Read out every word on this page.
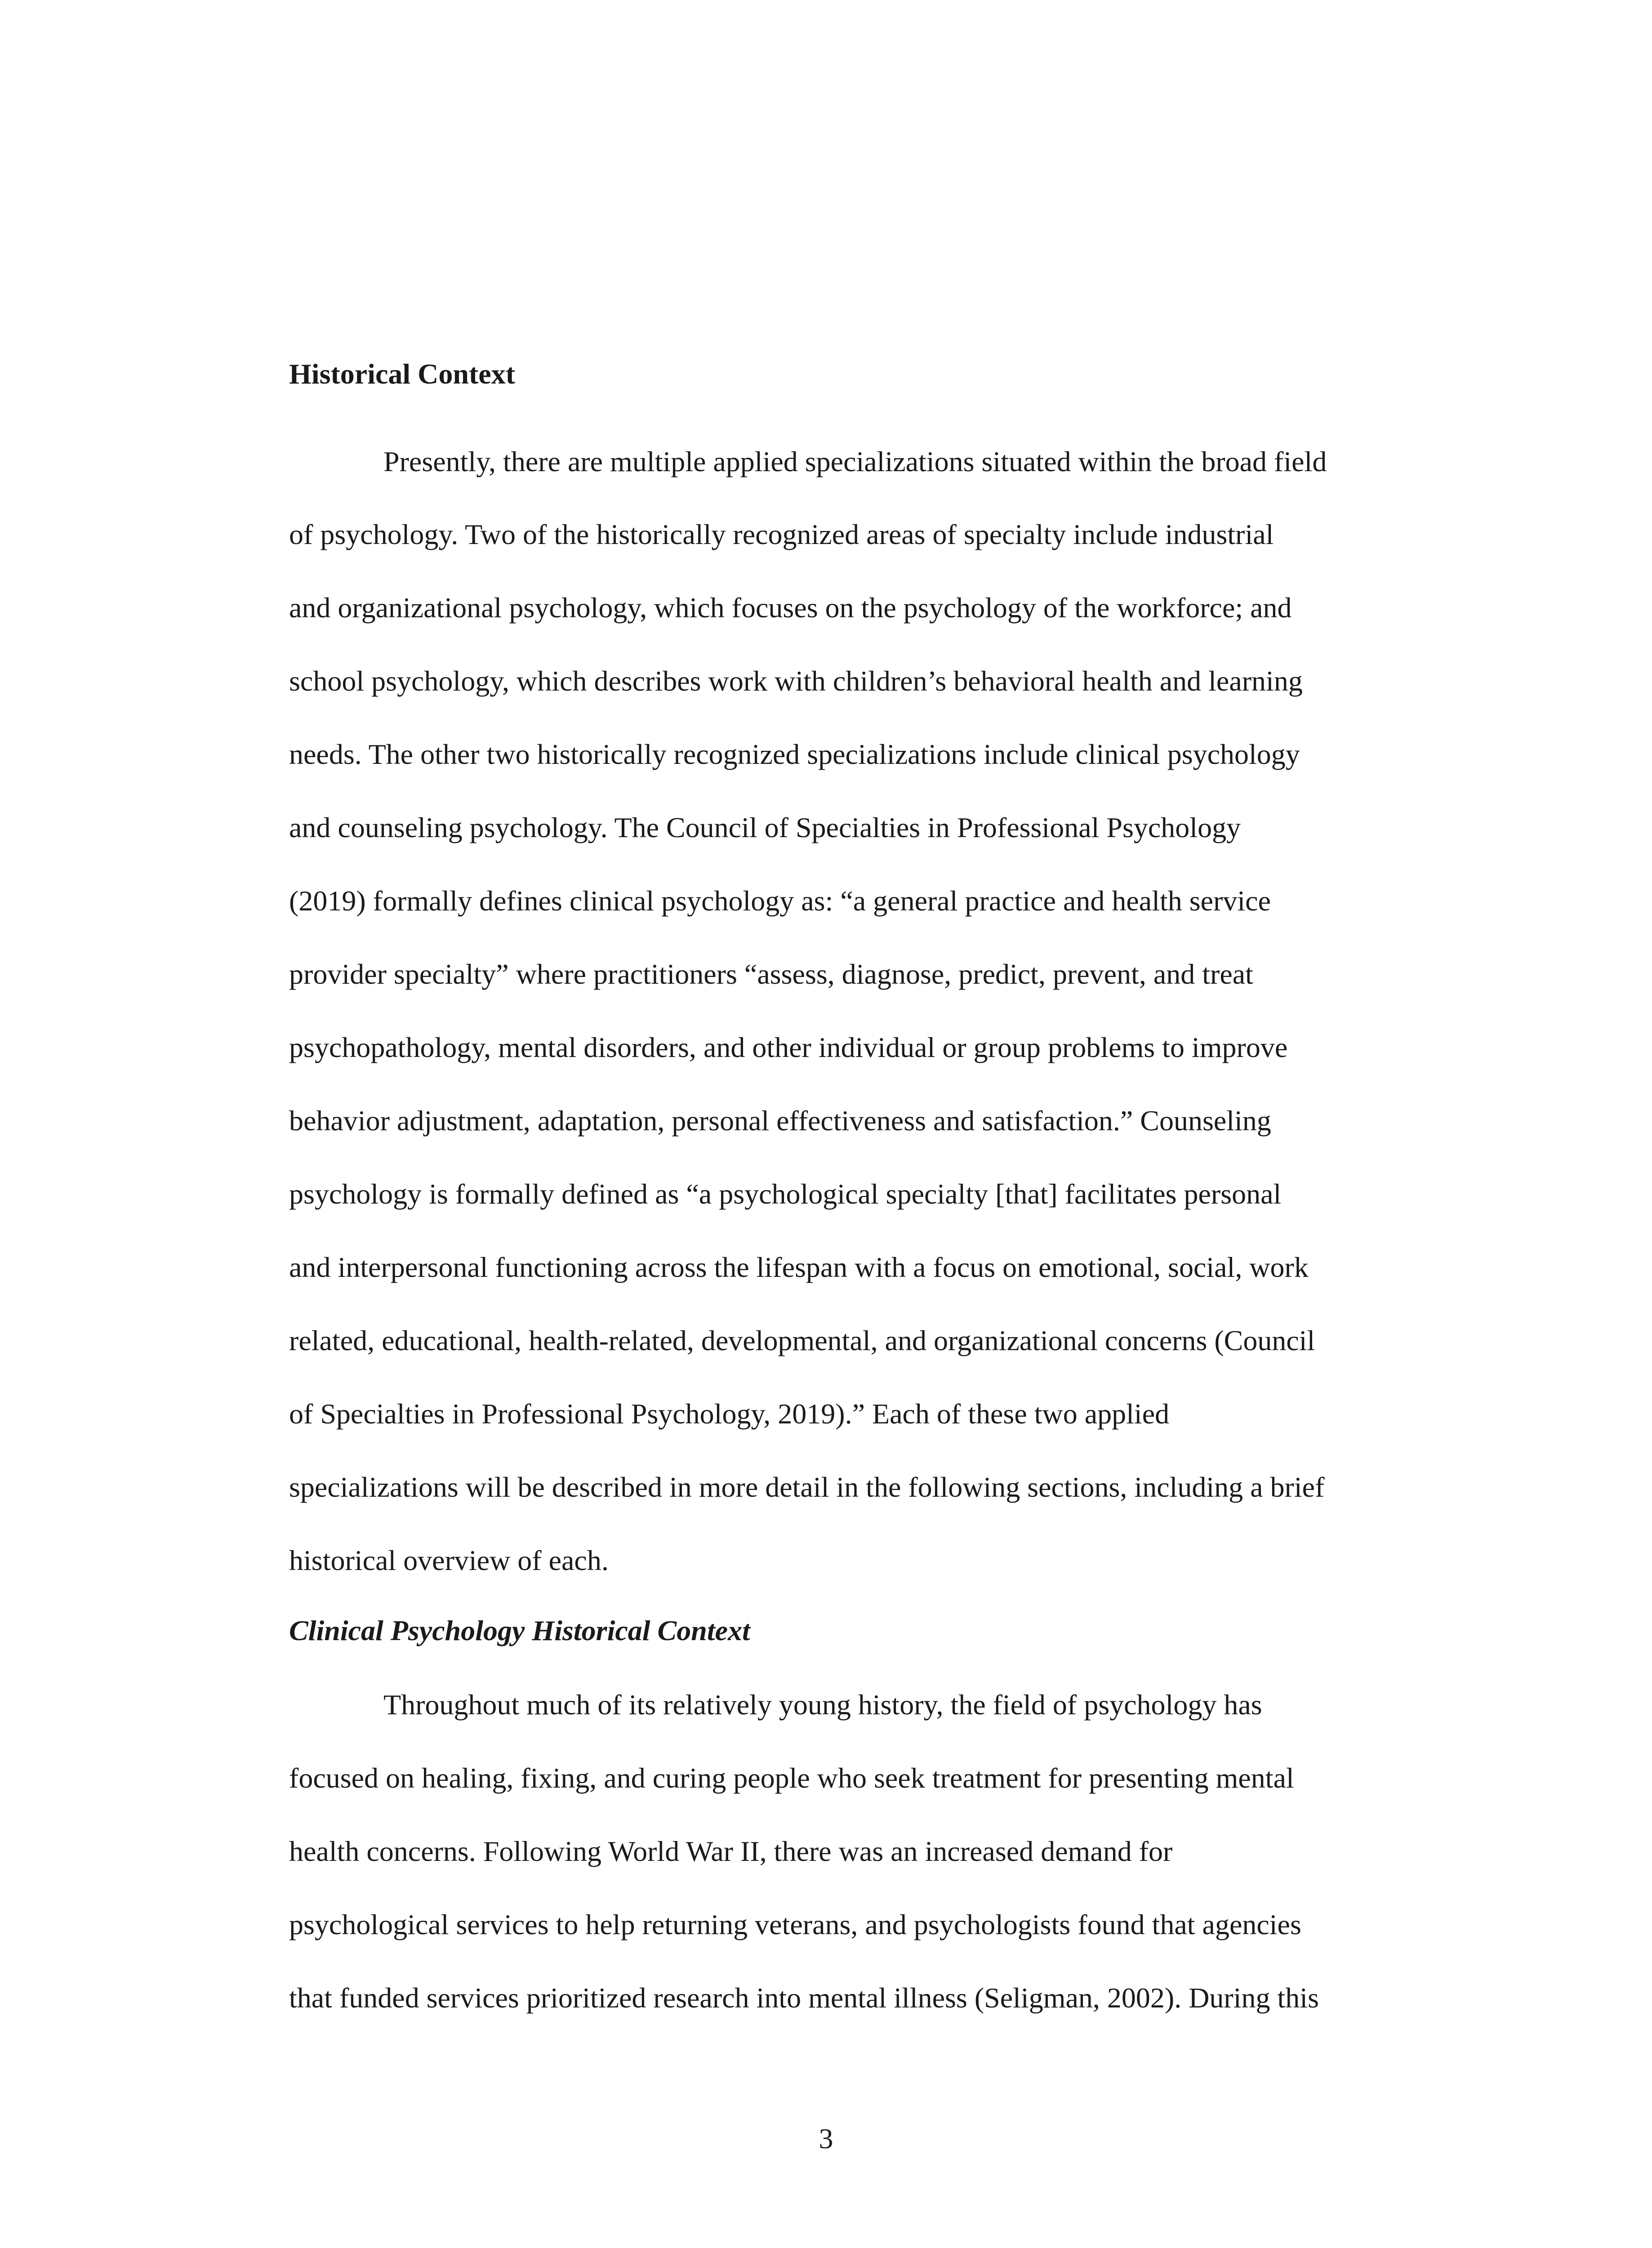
Historical Context

Presently, there are multiple applied specializations situated within the broad field

of psychology. Two of the historically recognized areas of specialty include industrial

and organizational psychology, which focuses on the psychology of the workforce; and

school psychology, which describes work with children’s behavioral health and learning

needs. The other two historically recognized specializations include clinical psychology

and counseling psychology. The Council of Specialties in Professional Psychology

(2019) formally defines clinical psychology as: “a general practice and health service

provider specialty” where practitioners “assess, diagnose, predict, prevent, and treat

psychopathology, mental disorders, and other individual or group problems to improve

behavior adjustment, adaptation, personal effectiveness and satisfaction.” Counseling

psychology is formally defined as “a psychological specialty [that] facilitates personal

and interpersonal functioning across the lifespan with a focus on emotional, social, work

related, educational, health-related, developmental, and organizational concerns (Council

of Specialties in Professional Psychology, 2019).” Each of these two applied

specializations will be described in more detail in the following sections, including a brief

historical overview of each.

Clinical Psychology Historical Context

Throughout much of its relatively young history, the field of psychology has

focused on healing, fixing, and curing people who seek treatment for presenting mental

health concerns. Following World War II, there was an increased demand for

psychological services to help returning veterans, and psychologists found that agencies

that funded services prioritized research into mental illness (Seligman, 2002). During this

3
